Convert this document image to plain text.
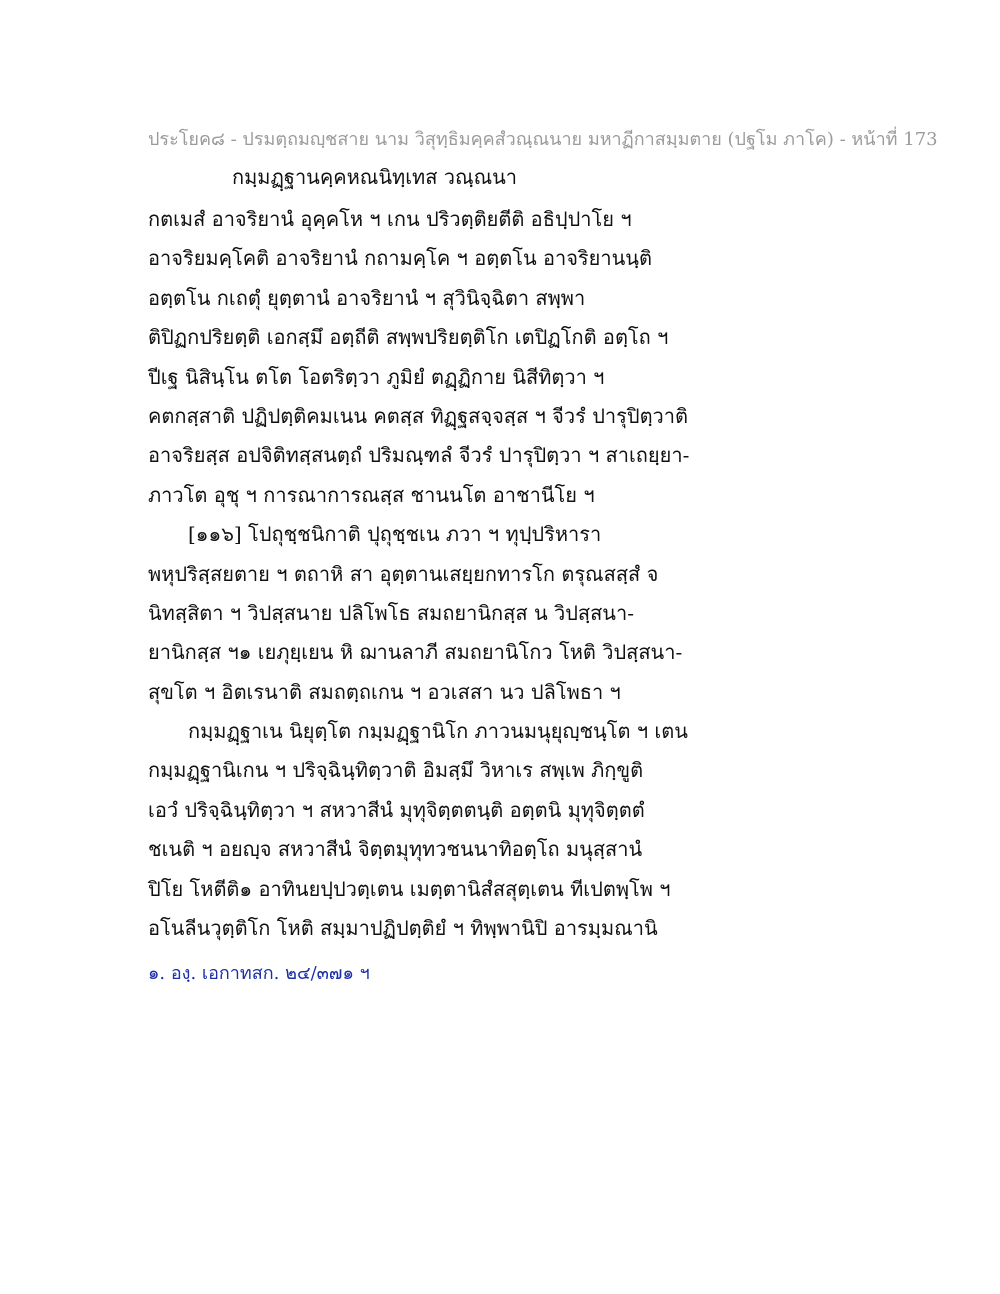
ประโยค๘ - ปรมตฺถมญฺชสาย นาม วิสุทฺธิมคฺคสํวณฺณนาย มหาฏีกาสมฺมตาย (ปฐโม ภาโค) - หน้าที่ 173
กมฺมฏฺฐานคฺคหณนิทฺเทส วณฺณนา
กตเมสํ อาจริยานํ อุคฺคโห ฯ เกน ปริวตฺติยตีติ อธิปฺปาโย ฯ
อาจริยมคฺโคติ อาจริยานํ กถามคฺโค ฯ อตฺตโน อาจริยานนฺติ
อตฺตโน กเถตุํ ยุตฺตานํ อาจริยานํ ฯ สุวินิจฺฉิตา สพฺพา
ติปิฏกปริยตฺติ เอกสฺมึ อตฺถีติ สพฺพปริยตฺติโก เตปิฏโกติ อตฺโถ ฯ
ปีเฐ นิสินฺโน ตโต โอตริตฺวา ภูมิยํ ตฏฺฏิกาย นิสีทิตฺวา ฯ
คตกสฺสาติ ปฏิปตฺติคมเนน คตสฺส ทิฏฺฐสจฺจสฺส ฯ จีวรํ ปารุปิตฺวาติ
อาจริยสฺส อปจิติทสฺสนตฺถํ ปริมณฺฑลํ จีวรํ ปารุปิตฺวา ฯ สาเถยฺยา-
ภาวโต อุชุ ฯ การณาการณสฺส ชานนโต อาชานีโย ฯ
[๑๑๖] โปถุชฺชนิกาติ ปุถุชฺชเน ภวา ฯ ทุปฺปริหารา
พหุปริสฺสยตาย ฯ ตถาหิ สา อุตฺตานเสยฺยกทารโก ตรุณสสฺสํ จ
นิทสฺสิตา ฯ วิปสฺสนาย ปลิโพโธ สมถยานิกสฺส น วิปสฺสนา-
ยานิกสฺส ฯ๑ เยภุยฺเยน หิ ฌานลาภี สมถยานิโกว โหติ วิปสฺสนา-
สุขโต ฯ อิตเรนาติ สมถตฺถเกน ฯ อวเสสา นว ปลิโพธา ฯ
กมฺมฏฺฐาเน นิยุตฺโต กมฺมฏฺฐานิโก ภาวนมนุยุญฺชนฺโต ฯ เตน
กมฺมฏฺฐานิเกน ฯ ปริจฺฉินฺทิตฺวาติ อิมสฺมึ วิหาเร สพฺเพ ภิกฺขูติ
เอวํ ปริจฺฉินฺทิตฺวา ฯ สหวาสีนํ มุทุจิตฺตตนฺติ อตฺตนิ มุทุจิตฺตตํ
ชเนติ ฯ อยญฺจ สหวาสีนํ จิตฺตมุทุทวชนนาทิอตฺโถ มนุสฺสานํ
ปิโย โหตีติ๑ อาทินยปฺปวตฺเตน เมตฺตานิสํสสุตฺเตน ทีเปตพฺโพ ฯ
อโนลีนวุตฺติโก โหติ สมฺมาปฏิปตฺติยํ ฯ ทิพฺพานิปิ อารมฺมณานิ
๑. องฺ. เอกาทสก. ๒๔/๓๗๑ ฯ
